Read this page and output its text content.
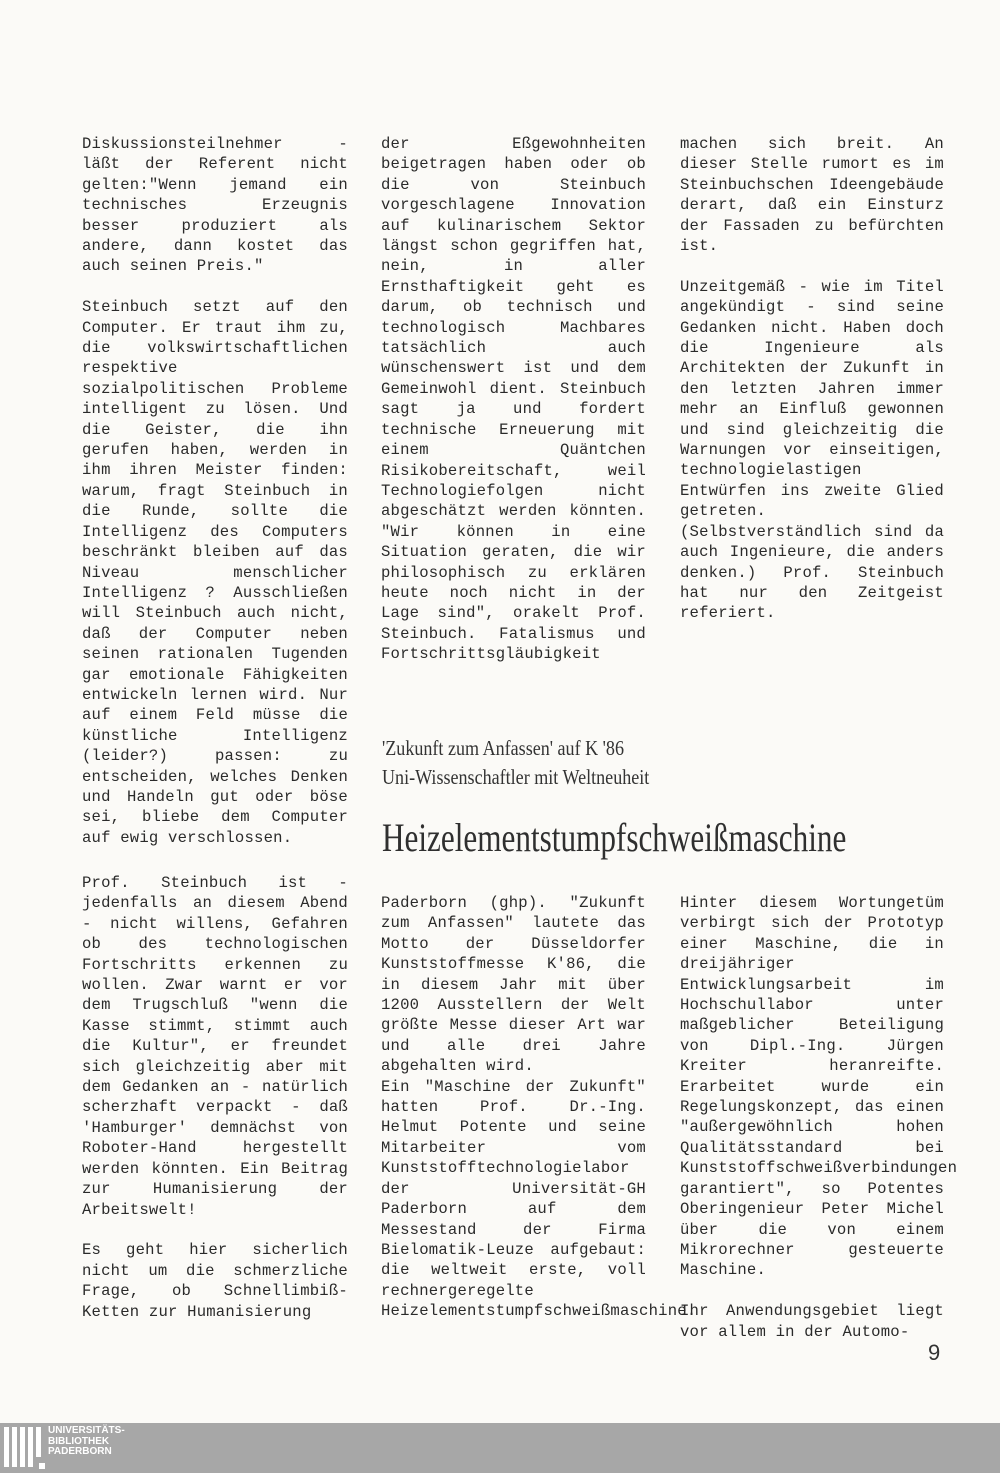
Diskussionsteilnehmer - läßt der Referent nicht gelten:"Wenn jemand ein technisches Erzeugnis besser produziert als andere, dann kostet das auch seinen Preis."

Steinbuch setzt auf den Computer. Er traut ihm zu, die volkswirtschaftlichen respektive sozialpolitischen Probleme intelligent zu lösen. Und die Geister, die ihn gerufen haben, werden in ihm ihren Meister finden: warum, fragt Steinbuch in die Runde, sollte die Intelligenz des Computers beschränkt bleiben auf das Niveau menschlicher Intelligenz ? Ausschließen will Steinbuch auch nicht, daß der Computer neben seinen rationalen Tugenden gar emotionale Fähigkeiten entwickeln lernen wird. Nur auf einem Feld müsse die künstliche Intelligenz (leider?) passen: zu entscheiden, welches Denken und Handeln gut oder böse sei, bliebe dem Computer auf ewig verschlossen.

der Eßgewohnheiten beigetragen haben oder ob die von Steinbuch vorgeschlagene Innovation auf kulinarischem Sektor längst schon gegriffen hat, nein, in aller Ernsthaftigkeit geht es darum, ob technisch und technologisch Machbares tatsächlich auch wünschenswert ist und dem Gemeinwohl dient. Steinbuch sagt ja und fordert technische Erneuerung mit einem Quäntchen Risikobereitschaft, weil Technologiefolgen nicht abgeschätzt werden könnten. "Wir können in eine Situation geraten, die wir philosophisch zu erklären heute noch nicht in der Lage sind", orakelt Prof. Steinbuch. Fatalismus und Fortschrittsgläubigkeit

machen sich breit. An dieser Stelle rumort es im Steinbuchschen Ideengebäude derart, daß ein Einsturz der Fassaden zu befürchten ist.

Unzeitgemäß - wie im Titel angekündigt - sind seine Gedanken nicht. Haben doch die Ingenieure als Architekten der Zukunft in den letzten Jahren immer mehr an Einfluß gewonnen und sind gleichzeitig die Warnungen vor einseitigen, technologielastigen Entwürfen ins zweite Glied getreten. (Selbstverständlich sind da auch Ingenieure, die anders denken.) Prof. Steinbuch hat nur den Zeitgeist referiert.

'Zukunft zum Anfassen' auf K '86
Uni-Wissenschaftler mit Weltneuheit
Heizelementstumpfschweißmaschine

Prof. Steinbuch ist - jedenfalls an diesem Abend - nicht willens, Gefahren ob des technologischen Fortschritts erkennen zu wollen. Zwar warnt er vor dem Trugschluß "wenn die Kasse stimmt, stimmt auch die Kultur", er freundet sich gleichzeitig aber mit dem Gedanken an - natürlich scherzhaft verpackt - daß 'Hamburger' demnächst von Roboter-Hand hergestellt werden könnten. Ein Beitrag zur Humanisierung der Arbeitswelt!

Es geht hier sicherlich nicht um die schmerzliche Frage, ob Schnellimbiß-Ketten zur Humanisierung

Paderborn (ghp). "Zukunft zum Anfassen" lautete das Motto der Düsseldorfer Kunststoffmesse K'86, die in diesem Jahr mit über 1200 Ausstellern der Welt größte Messe dieser Art war und alle drei Jahre abgehalten wird.

Ein "Maschine der Zukunft" hatten Prof. Dr.-Ing. Helmut Potente und seine Mitarbeiter vom Kunststofftechnologielabor der Universität-GH Paderborn auf dem Messestand der Firma Bielomatik-Leuze aufgebaut: die weltweit erste, voll rechnergeregelte Heizelementstumpfschweißmaschine.

Hinter diesem Wortungetüm verbirgt sich der Prototyp einer Maschine, die in dreijähriger Entwicklungsarbeit im Hochschullabor unter maßgeblicher Beteiligung von Dipl.-Ing. Jürgen Kreiter heranreifte. Erarbeitet wurde ein Regelungskonzept, das einen "außergewöhnlich hohen Qualitätsstandard bei Kunststoffschweißverbindungen garantiert", so Potentes Oberingenieur Peter Michel über die von einem Mikrorechner gesteuerte Maschine.

Ihr Anwendungsgebiet liegt vor allem in der Automo-

9
UNIVERSITÄTS-
BIBLIOTHEK
PADERBORN
